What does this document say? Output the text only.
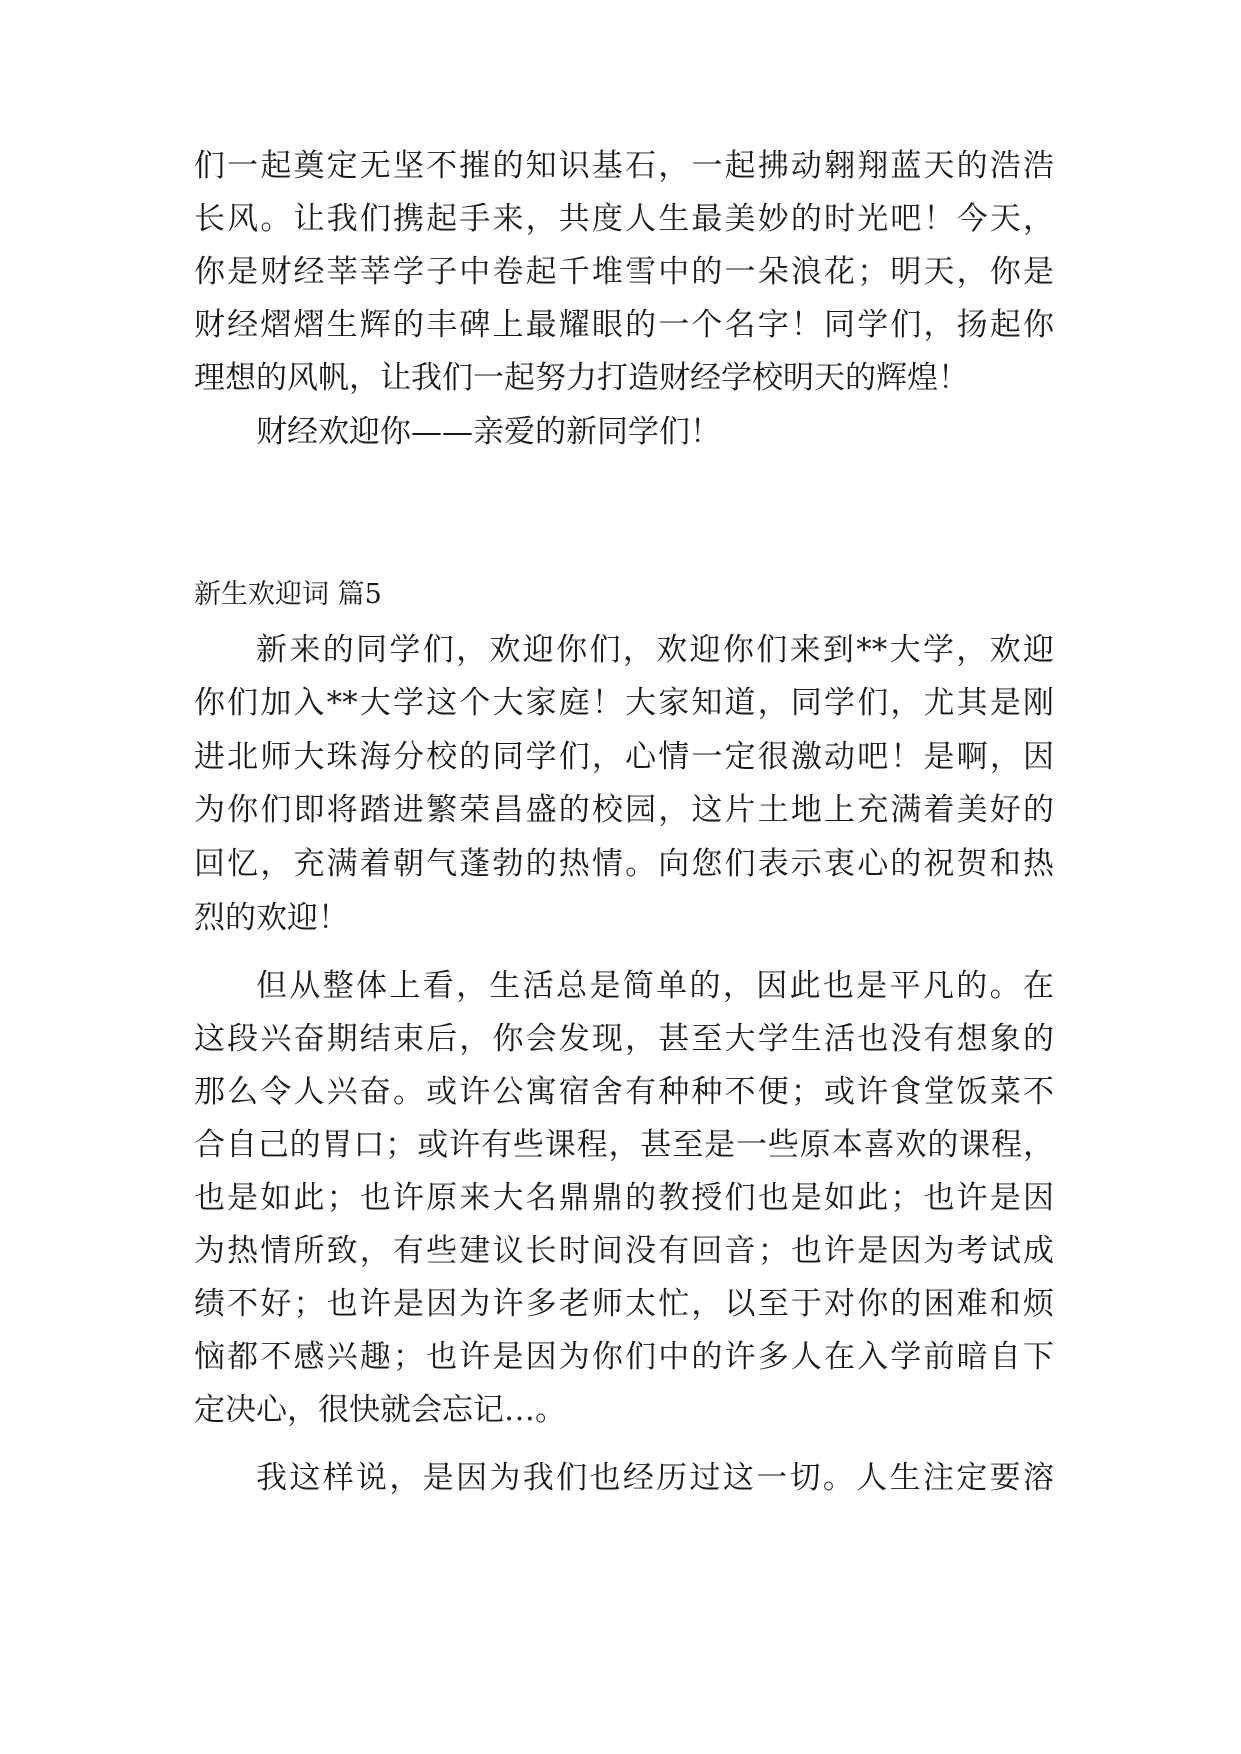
们一起奠定无坚不摧的知识基石，一起拂动翱翔蓝天的浩浩
长风。让我们携起手来，共度人生最美妙的时光吧！今天，
你是财经莘莘学子中卷起千堆雪中的一朵浪花；明天，你是
财经熠熠生辉的丰碑上最耀眼的一个名字！同学们，扬起你
理想的风帆，让我们一起努力打造财经学校明天的辉煌！
财经欢迎你——亲爱的新同学们！
新生欢迎词 篇5
新来的同学们，欢迎你们，欢迎你们来到**大学，欢迎
你们加入**大学这个大家庭！大家知道，同学们，尤其是刚
进北师大珠海分校的同学们，心情一定很激动吧！是啊，因
为你们即将踏进繁荣昌盛的校园，这片土地上充满着美好的
回忆，充满着朝气蓬勃的热情。向您们表示衷心的祝贺和热
烈的欢迎！
但从整体上看，生活总是简单的，因此也是平凡的。在
这段兴奋期结束后，你会发现，甚至大学生活也没有想象的
那么令人兴奋。或许公寓宿舍有种种不便；或许食堂饭菜不
合自己的胃口；或许有些课程，甚至是一些原本喜欢的课程，
也是如此；也许原来大名鼎鼎的教授们也是如此；也许是因
为热情所致，有些建议长时间没有回音；也许是因为考试成
绩不好；也许是因为许多老师太忙，以至于对你的困难和烦
恼都不感兴趣；也许是因为你们中的许多人在入学前暗自下
定决心，很快就会忘记…。
我这样说，是因为我们也经历过这一切。人生注定要溶
